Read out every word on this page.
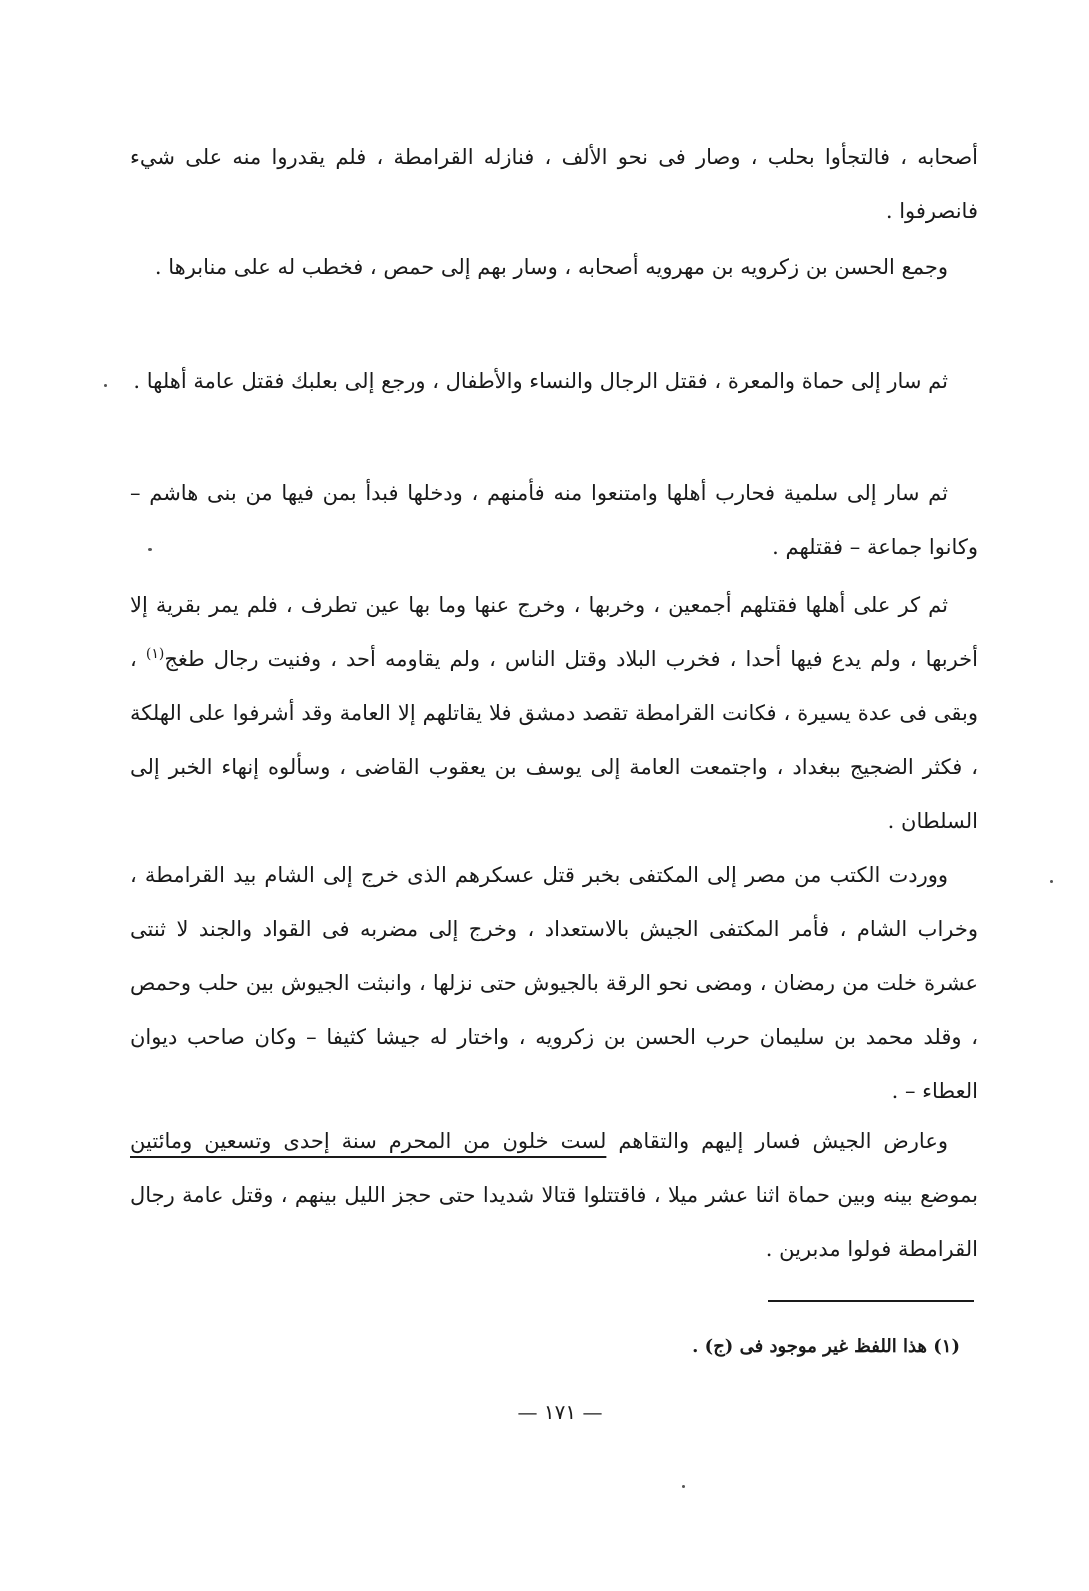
أصحابه ، فالتجأوا بحلب ، وصار فى نحو الألف ، فنازله القرامطة ، فلم يقدروا منه على شيء فانصرفوا .

وجمع الحسن بن زكرويه بن مهرويه أصحابه ، وسار بهم إلى حمص ، فخطب له على منابرها .

ثم سار إلى حماة والمعرة ، فقتل الرجال والنساء والأطفال ، ورجع إلى بعلبك فقتل عامة أهلها .

ثم سار إلى سلمية فحارب أهلها وامتنعوا منه فأمنهم ، ودخلها فبدأ بمن فيها من بنى هاشم – وكانوا جماعة – فقتلهم .

ثم كر على أهلها فقتلهم أجمعين ، وخربها ، وخرج عنها وما بها عين تطرف ، فلم يمر بقرية إلا أخربها ، ولم يدع فيها أحدا ، فخرب البلاد وقتل الناس ، ولم يقاومه أحد ، وفنيت رجال طغج$^{(١)}$ ، وبقى فى عدة يسيرة ، فكانت القرامطة تقصد دمشق فلا يقاتلهم إلا العامة وقد أشرفوا على الهلكة ، فكثر الضجيج ببغداد ، واجتمعت العامة إلى يوسف بن يعقوب القاضى ، وسألوه إنهاء الخبر إلى السلطان .

ووردت الكتب من مصر إلى المكتفى بخبر قتل عسكرهم الذى خرج إلى الشام بيد القرامطة ، وخراب الشام ، فأمر المكتفى الجيش بالاستعداد ، وخرج إلى مضربه فى القواد والجند لا ثنتى عشرة خلت من رمضان ، ومضى نحو الرقة بالجيوش حتى نزلها ، وانبثت الجيوش بين حلب وحمص ، وقلد محمد بن سليمان حرب الحسن بن زكرويه ، واختار له جيشا كثيفا – وكان صاحب ديوان العطاء – .

وعارض الجيش فسار إليهم والتقاهم لست خلون من المحرم سنة إحدى وتسعين ومائتين بموضع بينه وبين حماة اثنا عشر ميلا ، فاقتتلوا قتالا شديدا حتى حجز الليل بينهم ، وقتل عامة رجال القرامطة فولوا مدبرين .

(١) هذا اللفظ غير موجود فى (ج) .
— ١٧١ —
